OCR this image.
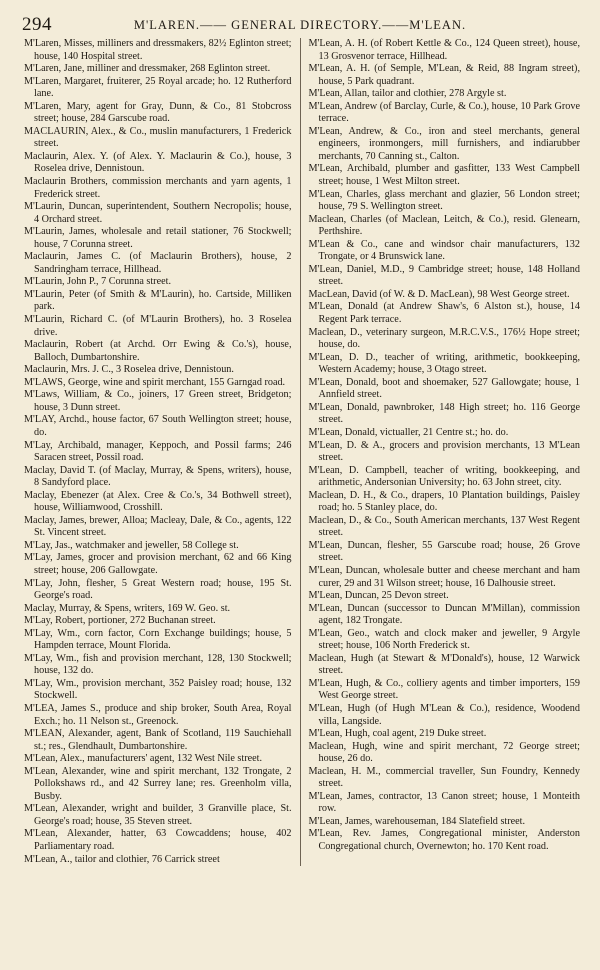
294	M'LAREN.—— GENERAL DIRECTORY.——M'LEAN.

M'Laren, Misses, milliners and dressmakers, 82½ Eglinton street; house, 140 Hospital street.

M'Laren, Jane, milliner and dressmaker, 268 Eglinton street.

M'Laren, Margaret, fruiterer, 25 Royal arcade; ho. 12 Rutherford lane.

M'Laren, Mary, agent for Gray, Dunn, & Co., 81 Stobcross street; house, 284 Garscube road.

MACLAURIN, Alex., & Co., muslin manufacturers, 1 Frederick street.

Maclaurin, Alex. Y. (of Alex. Y. Maclaurin & Co.), house, 3 Roselea drive, Dennistoun.

Maclaurin Brothers, commission merchants and yarn agents, 1 Frederick street.

M'Laurin, Duncan, superintendent, Southern Necropolis; house, 4 Orchard street.

M'Laurin, James, wholesale and retail stationer, 76 Stockwell; house, 7 Corunna street.

Maclaurin, James C. (of Maclaurin Brothers), house, 2 Sandringham terrace, Hillhead.

M'Laurin, John P., 7 Corunna street.

M'Laurin, Peter (of Smith & M'Laurin), ho. Cartside, Milliken park.

M'Laurin, Richard C. (of M'Laurin Brothers), ho. 3 Roselea drive.

Maclaurin, Robert (at Archd. Orr Ewing & Co.'s), house, Balloch, Dumbartonshire.

Maclaurin, Mrs. J. C., 3 Roselea drive, Dennistoun.

M'LAWS, George, wine and spirit merchant, 155 Garngad road.

M'Laws, William, & Co., joiners, 17 Green street, Bridgeton; house, 3 Dunn street.

M'LAY, Archd., house factor, 67 South Wellington street; house, do.

M'Lay, Archibald, manager, Keppoch, and Possil farms; 246 Saracen street, Possil road.

Maclay, David T. (of Maclay, Murray, & Spens, writers), house, 8 Sandyford place.

Maclay, Ebenezer (at Alex. Cree & Co.'s, 34 Bothwell street), house, Williamwood, Crosshill.

Maclay, James, brewer, Alloa; Macleay, Dale, & Co., agents, 122 St. Vincent street.

M'Lay, Jas., watchmaker and jeweller, 58 College st.

M'Lay, James, grocer and provision merchant, 62 and 66 King street; house, 206 Gallowgate.

M'Lay, John, flesher, 5 Great Western road; house, 195 St. George's road.

Maclay, Murray, & Spens, writers, 169 W. Geo. st.

M'Lay, Robert, portioner, 272 Buchanan street.

M'Lay, Wm., corn factor, Corn Exchange buildings; house, 5 Hampden terrace, Mount Florida.

M'Lay, Wm., fish and provision merchant, 128, 130 Stockwell; house, 132 do.

M'Lay, Wm., provision merchant, 352 Paisley road; house, 132 Stockwell.

M'LEA, James S., produce and ship broker, South Area, Royal Exch.; ho. 11 Nelson st., Greenock.

M'LEAN, Alexander, agent, Bank of Scotland, 119 Sauchiehall st.; res., Glendhault, Dumbartonshire.

M'Lean, Alex., manufacturers' agent, 132 West Nile street.

M'Lean, Alexander, wine and spirit merchant, 132 Trongate, 2 Pollokshaws rd., and 42 Surrey lane; res. Greenholm villa, Busby.

M'Lean, Alexander, wright and builder, 3 Granville place, St. George's road; house, 35 Steven street.

M'Lean, Alexander, hatter, 63 Cowcaddens; house, 402 Parliamentary road.

M'Lean, A., tailor and clothier, 76 Carrick street

M'Lean, A. H. (of Robert Kettle & Co., 124 Queen street), house, 13 Grosvenor terrace, Hillhead.

M'Lean, A. H. (of Semple, M'Lean, & Reid, 88 Ingram street), house, 5 Park quadrant.

M'Lean, Allan, tailor and clothier, 278 Argyle st.

M'Lean, Andrew (of Barclay, Curle, & Co.), house, 10 Park Grove terrace.

M'Lean, Andrew, & Co., iron and steel merchants, general engineers, ironmongers, mill furnishers, and indiarubber merchants, 70 Canning st., Calton.

M'Lean, Archibald, plumber and gasfitter, 133 West Campbell street; house, 1 West Milton street.

M'Lean, Charles, glass merchant and glazier, 56 London street; house, 79 S. Wellington street.

Maclean, Charles (of Maclean, Leitch, & Co.), resid. Glenearn, Perthshire.

M'Lean & Co., cane and windsor chair manufacturers, 132 Trongate, or 4 Brunswick lane.

M'Lean, Daniel, M.D., 9 Cambridge street; house, 148 Holland street.

MacLean, David (of W. & D. MacLean), 98 West George street.

M'Lean, Donald (at Andrew Shaw's, 6 Alston st.), house, 14 Regent Park terrace.

Maclean, D., veterinary surgeon, M.R.C.V.S., 176½ Hope street; house, do.

M'Lean, D. D., teacher of writing, arithmetic, bookkeeping, Western Academy; house, 3 Otago street.

M'Lean, Donald, boot and shoemaker, 527 Gallowgate; house, 1 Annfield street.

M'Lean, Donald, pawnbroker, 148 High street; ho. 116 George street.

M'Lean, Donald, victualler, 21 Centre st.; ho. do.

M'Lean, D. & A., grocers and provision merchants, 13 M'Lean street.

M'Lean, D. Campbell, teacher of writing, bookkeeping, and arithmetic, Andersonian University; ho. 63 John street, city.

Maclean, D. H., & Co., drapers, 10 Plantation buildings, Paisley road; ho. 5 Stanley place, do.

Maclean, D., & Co., South American merchants, 137 West Regent street.

M'Lean, Duncan, flesher, 55 Garscube road; house, 26 Grove street.

M'Lean, Duncan, wholesale butter and cheese merchant and ham curer, 29 and 31 Wilson street; house, 16 Dalhousie street.

M'Lean, Duncan, 25 Devon street.

M'Lean, Duncan (successor to Duncan M'Millan), commission agent, 182 Trongate.

M'Lean, Geo., watch and clock maker and jeweller, 9 Argyle street; house, 106 North Frederick st.

Maclean, Hugh (at Stewart & M'Donald's), house, 12 Warwick street.

M'Lean, Hugh, & Co., colliery agents and timber importers, 159 West George street.

M'Lean, Hugh (of Hugh M'Lean & Co.), residence, Woodend villa, Langside.

M'Lean, Hugh, coal agent, 219 Duke street.

Maclean, Hugh, wine and spirit merchant, 72 George street; house, 26 do.

Maclean, H. M., commercial traveller, Sun Foundry, Kennedy street.

M'Lean, James, contractor, 13 Canon street; house, 1 Monteith row.

M'Lean, James, warehouseman, 184 Slatefield street.

M'Lean, Rev. James, Congregational minister, Anderston Congregational church, Overnewton; ho. 170 Kent road.
